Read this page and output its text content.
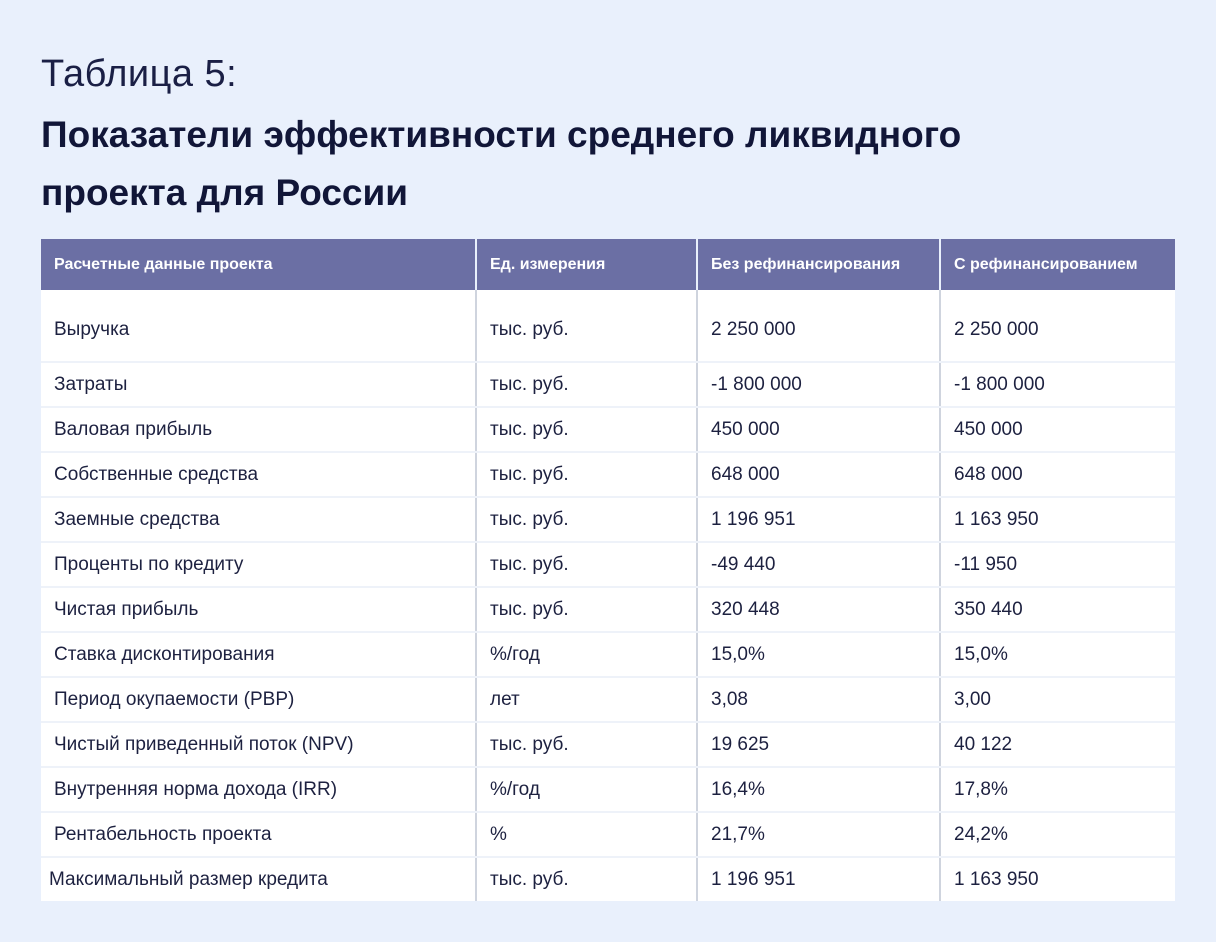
Таблица 5:
Показатели эффективности среднего ликвидного проекта для России
Расчетные данные проекта	Ед. измерения	Без рефинансирования	С рефинансированием
Выручка	тыс. руб.	2 250 000	2 250 000
Затраты	тыс. руб.	-1 800 000	-1 800 000
Валовая прибыль	тыс. руб.	450 000	450 000
Собственные средства	тыс. руб.	648 000	648 000
Заемные средства	тыс. руб.	1 196 951	1 163 950
Проценты по кредиту	тыс. руб.	-49 440	-11 950
Чистая прибыль	тыс. руб.	320 448	350 440
Ставка дисконтирования	%/год	15,0%	15,0%
Период окупаемости (PBP)	лет	3,08	3,00
Чистый приведенный поток (NPV)	тыс. руб.	19 625	40 122
Внутренняя норма дохода (IRR)	%/год	16,4%	17,8%
Рентабельность проекта	%	21,7%	24,2%
Максимальный размер кредита	тыс. руб.	1 196 951	1 163 950
